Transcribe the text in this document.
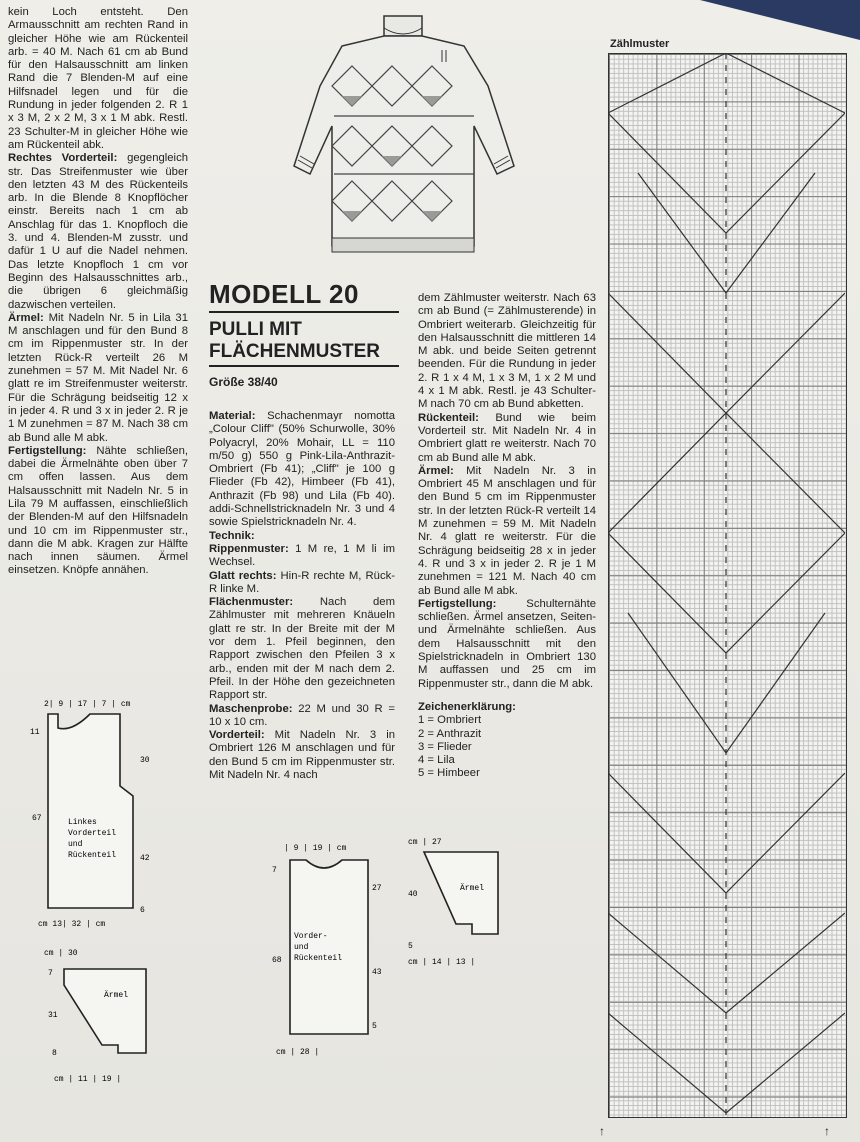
kein Loch entsteht. Den Armausschnitt am rechten Rand in gleicher Höhe wie am Rückenteil arb. = 40 M. Nach 61 cm ab Bund für den Halsausschnitt am linken Rand die 7 Blenden-M auf eine Hilfsnadel legen und für die Rundung in jeder folgenden 2. R 1 x 3 M, 2 x 2 M, 3 x 1 M abk. Restl. 23 Schulter-M in gleicher Höhe wie am Rückenteil abk.

Rechtes Vorderteil: gegengleich str. Das Streifenmuster wie über den letzten 43 M des Rückenteils arb. In die Blende 8 Knopflöcher einstr. Bereits nach 1 cm ab Anschlag für das 1. Knopfloch die 3. und 4. Blenden-M zusstr. und dafür 1 U auf die Nadel nehmen. Das letzte Knopfloch 1 cm vor Beginn des Halsausschnittes arb., die übrigen 6 gleichmäßig dazwischen verteilen.

Ärmel: Mit Nadeln Nr. 5 in Lila 31 M anschlagen und für den Bund 8 cm im Rippenmuster str. In der letzten Rück-R verteilt 26 M zunehmen = 57 M. Mit Nadel Nr. 6 glatt re im Streifenmuster weiterstr. Für die Schrägung beidseitig 12 x in jeder 4. R und 3 x in jeder 2. R je 1 M zunehmen = 87 M. Nach 38 cm ab Bund alle M abk.

Fertigstellung: Nähte schließen, dabei die Ärmelnähte oben über 7 cm offen lassen. Aus dem Halsausschnitt mit Nadeln Nr. 5 in Lila 79 M auffassen, einschließlich der Blenden-M auf den Hilfsnadeln und 10 cm im Rippenmuster str., dann die M abk. Kragen zur Hälfte nach innen säumen. Ärmel einsetzen. Knöpfe annähen.

MODELL 20
PULLI MIT FLÄCHENMUSTER
Größe 38/40

Material: Schachenmayr nomotta „Colour Cliff" (50% Schurwolle, 30% Polyacryl, 20% Mohair, LL = 110 m/50 g) 550 g Pink-Lila-Anthrazit-Ombriert (Fb 41); „Cliff" je 100 g Flieder (Fb 42), Himbeer (Fb 41), Anthrazit (Fb 98) und Lila (Fb 40). addi-Schnellstricknadeln Nr. 3 und 4 sowie Spielstricknadeln Nr. 4.

Technik:

Rippenmuster: 1 M re, 1 M li im Wechsel.

Glatt rechts: Hin-R rechte M, Rück-R linke M.

Flächenmuster: Nach dem Zählmuster mit mehreren Knäueln glatt re str. In der Breite mit der M vor dem 1. Pfeil beginnen, den Rapport zwischen den Pfeilen 3 x arb., enden mit der M nach dem 2. Pfeil. In der Höhe den gezeichneten Rapport str.

Maschenprobe: 22 M und 30 R = 10 x 10 cm.

Vorderteil: Mit Nadeln Nr. 3 in Ombriert 126 M anschlagen und für den Bund 5 cm im Rippenmuster str. Mit Nadeln Nr. 4 nach

dem Zählmuster weiterstr. Nach 63 cm ab Bund (= Zählmusterende) in Ombriert weiterarb. Gleichzeitig für den Halsausschnitt die mittleren 14 M abk. und beide Seiten getrennt beenden. Für die Rundung in jeder 2. R 1 x 4 M, 1 x 3 M, 1 x 2 M und 4 x 1 M abk. Restl. je 43 Schulter-M nach 70 cm ab Bund abketten.

Rückenteil: Bund wie beim Vorderteil str. Mit Nadeln Nr. 4 in Ombriert glatt re weiterstr. Nach 70 cm ab Bund alle M abk.

Ärmel: Mit Nadeln Nr. 3 in Ombriert 45 M anschlagen und für den Bund 5 cm im Rippenmuster str. In der letzten Rück-R verteilt 14 M zunehmen = 59 M. Mit Nadeln Nr. 4 glatt re weiterstr. Für die Schrägung beidseitig 28 x in jeder 4. R und 3 x in jeder 2. R je 1 M zunehmen = 121 M. Nach 40 cm ab Bund alle M abk.

Fertigstellung: Schulternähte schließen. Ärmel ansetzen, Seiten- und Ärmelnähte schließen. Aus dem Halsausschnitt mit den Spielstricknadeln in Ombriert 130 M auffassen und 25 cm im Rippenmuster str., dann die M abk.

Zeichenerklärung:
1 = Ombriert
2 = Anthrazit
3 = Flieder
4 = Lila
5 = Himbeer
2| 9 | 17 | 7 | cm
11
30
67
42
6
cm 13| 32 | cm
Linkes
Vorderteil
und
Rückenteil
cm | 30
7
31
8
cm | 11 | 19 |
Ärmel
| 9 | 19 | cm
7
27
68
43
5
cm | 28 |
Vorder-
und
Rückenteil
cm | 27
40
5
cm | 14 | 13 |
Ärmel
Zählmuster
↑	↑
